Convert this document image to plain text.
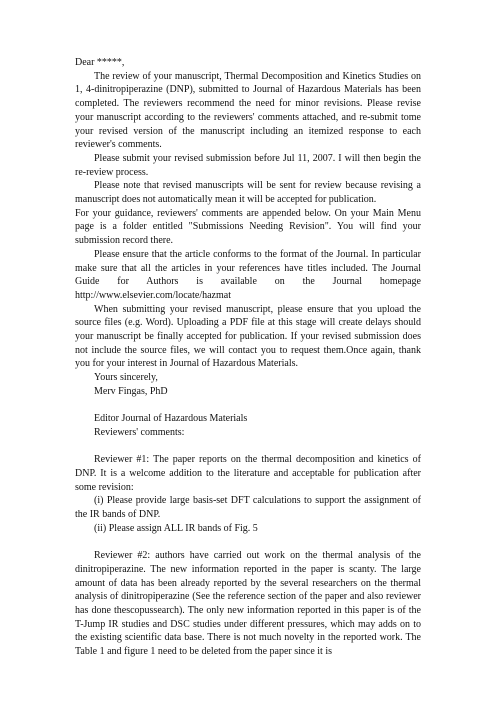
Dear *****,

The review of your manuscript, Thermal Decomposition and Kinetics Studies on 1, 4-dinitropiperazine (DNP), submitted to Journal of Hazardous Materials has been completed. The reviewers recommend the need for minor revisions. Please revise your manuscript according to the reviewers' comments attached, and re-submit tome your revised version of the manuscript including an itemized response to each reviewer's comments.

Please submit your revised submission before Jul 11, 2007. I will then begin the re-review process.

Please note that revised manuscripts will be sent for review because revising a manuscript does not automatically mean it will be accepted for publication.

For your guidance, reviewers' comments are appended below. On your Main Menu page is a folder entitled "Submissions Needing Revision". You will find your submission record there.

Please ensure that the article conforms to the format of the Journal. In particular make sure that all the articles in your references have titles included. The Journal Guide for Authors is available on the Journal homepage http://www.elsevier.com/locate/hazmat

When submitting your revised manuscript, please ensure that you upload the source files (e.g. Word). Uploading a PDF file at this stage will create delays should your manuscript be finally accepted for publication. If your revised submission does not include the source files, we will contact you to request them.Once again, thank you for your interest in Journal of Hazardous Materials.

Yours sincerely,

Merv Fingas, PhD

Editor Journal of Hazardous Materials

Reviewers' comments:

Reviewer #1: The paper reports on the thermal decomposition and kinetics of DNP. It is a welcome addition to the literature and acceptable for publication after some revision:

(i) Please provide large basis-set DFT calculations to support the assignment of the IR bands of DNP.

(ii) Please assign ALL IR bands of Fig. 5

Reviewer #2: authors have carried out work on the thermal analysis of the dinitropiperazine. The new information reported in the paper is scanty. The large amount of data has been already reported by the several researchers on the thermal analysis of dinitropiperazine (See the reference section of the paper and also reviewer has done thescopussearch). The only new information reported in this paper is of the T-Jump IR studies and DSC studies under different pressures, which may adds on to the existing scientific data base. There is not much novelty in the reported work. The Table 1 and figure 1 need to be deleted from the paper since it is
